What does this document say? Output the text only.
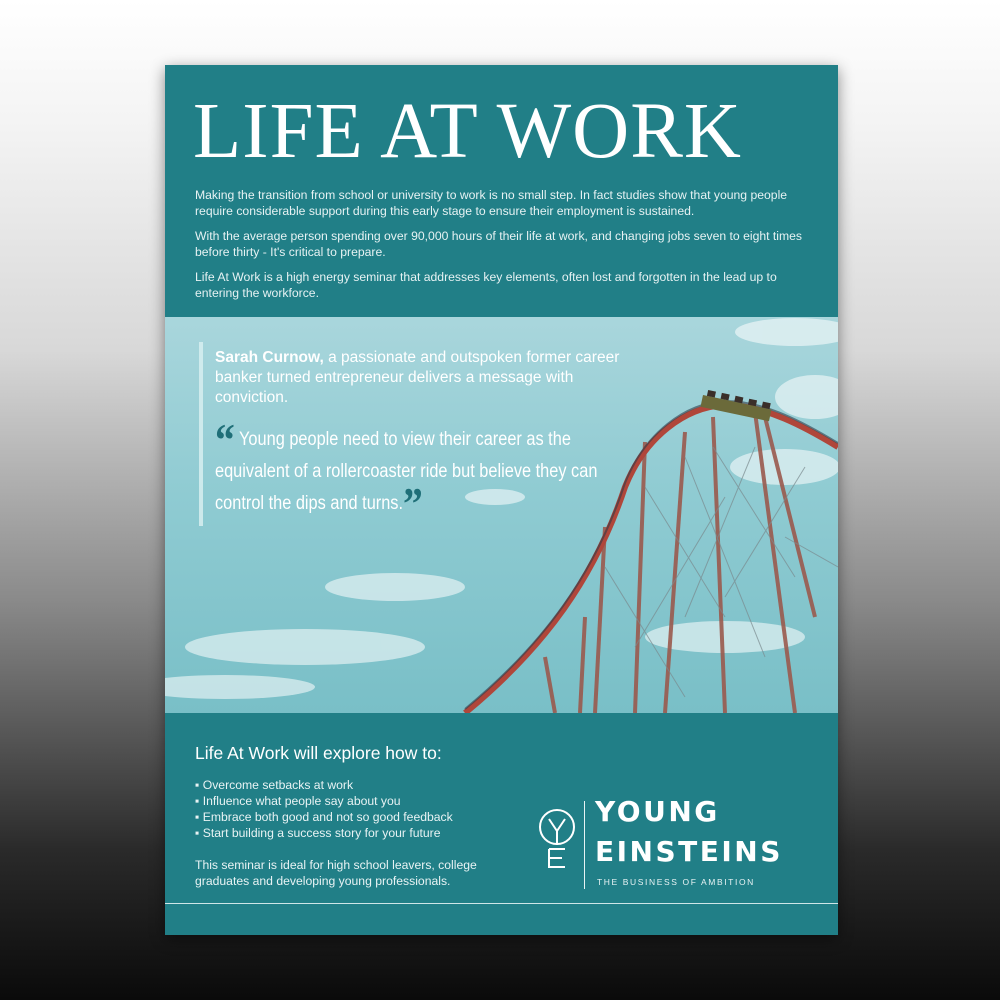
LIFE AT WORK

Making the transition from school or university to work is no small step. In fact studies show that young people require considerable support during this early stage to ensure their employment is sustained.

With the average person spending over 90,000 hours of their life at work, and changing jobs seven to eight times before thirty - It's critical to prepare.

Life At Work is a high energy seminar that addresses key elements, often lost and forgotten in the lead up to entering the workforce.

Sarah Curnow, a passionate and outspoken former career banker turned entrepreneur delivers a message with conviction.
“ Young people need to view their career as the equivalent of a rollercoaster ride but believe they can control the dips and turns.”
Life At Work will explore how to:
▪ Overcome setbacks at work
▪ Influence what people say about you
▪ Embrace both good and not so good feedback
▪ Start building a success story for your future
This seminar is ideal for high school leavers, college graduates and developing young professionals.
YOUNG
EINSTEINS
THE BUSINESS OF AMBITION
